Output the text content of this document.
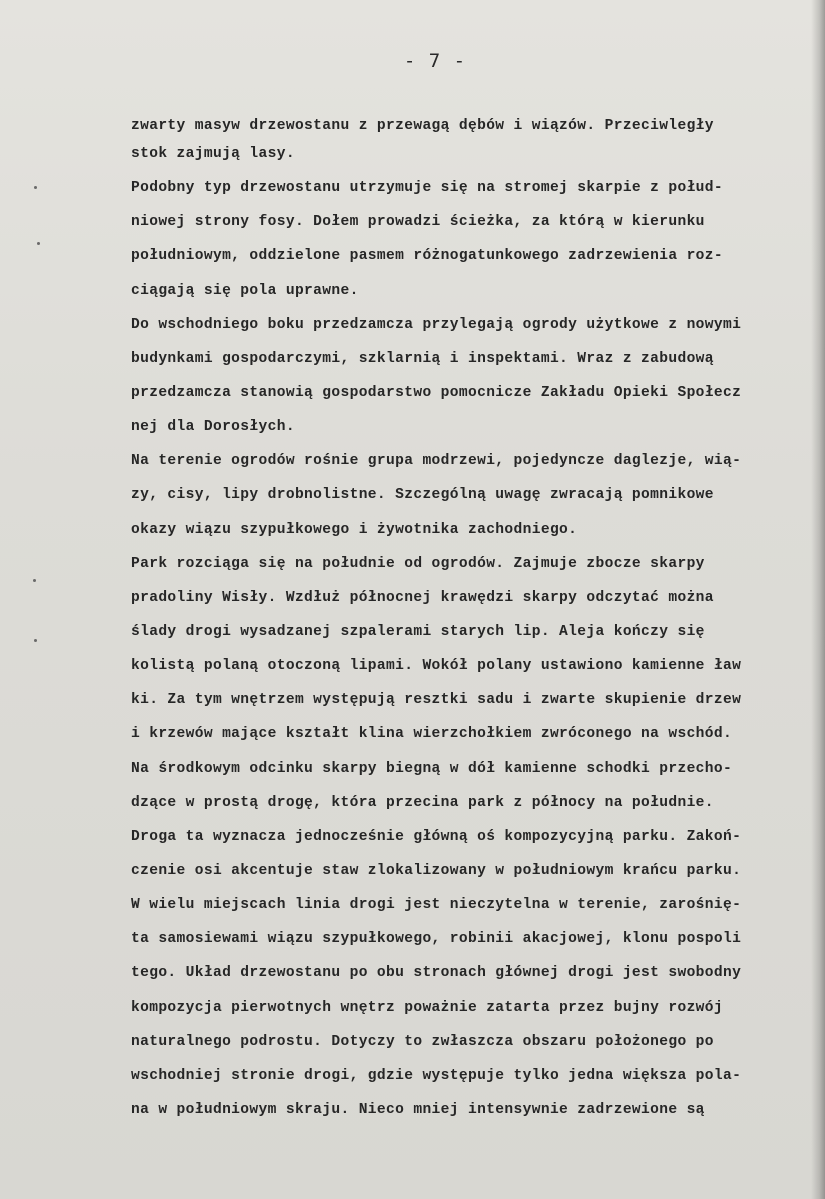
- 7 -
zwarty masyw drzewostanu z przewagą dębów i wiązów. Przeciwległy
stok zajmują lasy.
Podobny typ drzewostanu utrzymuje się na stromej skarpie z połud-
niowej strony fosy. Dołem prowadzi ścieżka, za którą w kierunku
południowym, oddzielone pasmem różnogatunkowego zadrzewienia roz-
ciągają się pola uprawne.
Do wschodniego boku przedzamcza przylegają ogrody użytkowe z nowymi
budynkami gospodarczymi, szklarnią i inspektami. Wraz z zabudową
przedzamcza stanowią gospodarstwo pomocnicze Zakładu Opieki Społecz
nej dla Dorosłych.
Na terenie ogrodów rośnie grupa modrzewi, pojedyncze daglezje, wią-
zy, cisy, lipy drobnolistne. Szczególną uwagę zwracają pomnikowe
okazy wiązu szypułkowego i żywotnika zachodniego.
Park rozciąga się na południe od ogrodów. Zajmuje zbocze skarpy
pradoliny Wisły. Wzdłuż północnej krawędzi skarpy odczytać można
ślady drogi wysadzanej szpalerami starych lip. Aleja kończy się
kolistą polaną otoczoną lipami. Wokół polany ustawiono kamienne ław
ki. Za tym wnętrzem występują resztki sadu i zwarte skupienie drzew
i krzewów mające kształt klina wierzchołkiem zwróconego na wschód.
Na środkowym odcinku skarpy biegną w dół kamienne schodki przecho-
dzące w prostą drogę, która przecina park z północy na południe.
Droga ta wyznacza jednocześnie główną oś kompozycyjną parku. Zakoń-
czenie osi akcentuje staw zlokalizowany w południowym krańcu parku.
W wielu miejscach linia drogi jest nieczytelna w terenie, zarośnię-
ta samosiewami wiązu szypułkowego, robinii akacjowej, klonu pospoli
tego. Układ drzewostanu po obu stronach głównej drogi jest swobodny
kompozycja pierwotnych wnętrz poważnie zatarta przez bujny rozwój
naturalnego podrostu. Dotyczy to zwłaszcza obszaru położonego po
wschodniej stronie drogi, gdzie występuje tylko jedna większa pola-
na w południowym skraju. Nieco mniej intensywnie zadrzewione są
